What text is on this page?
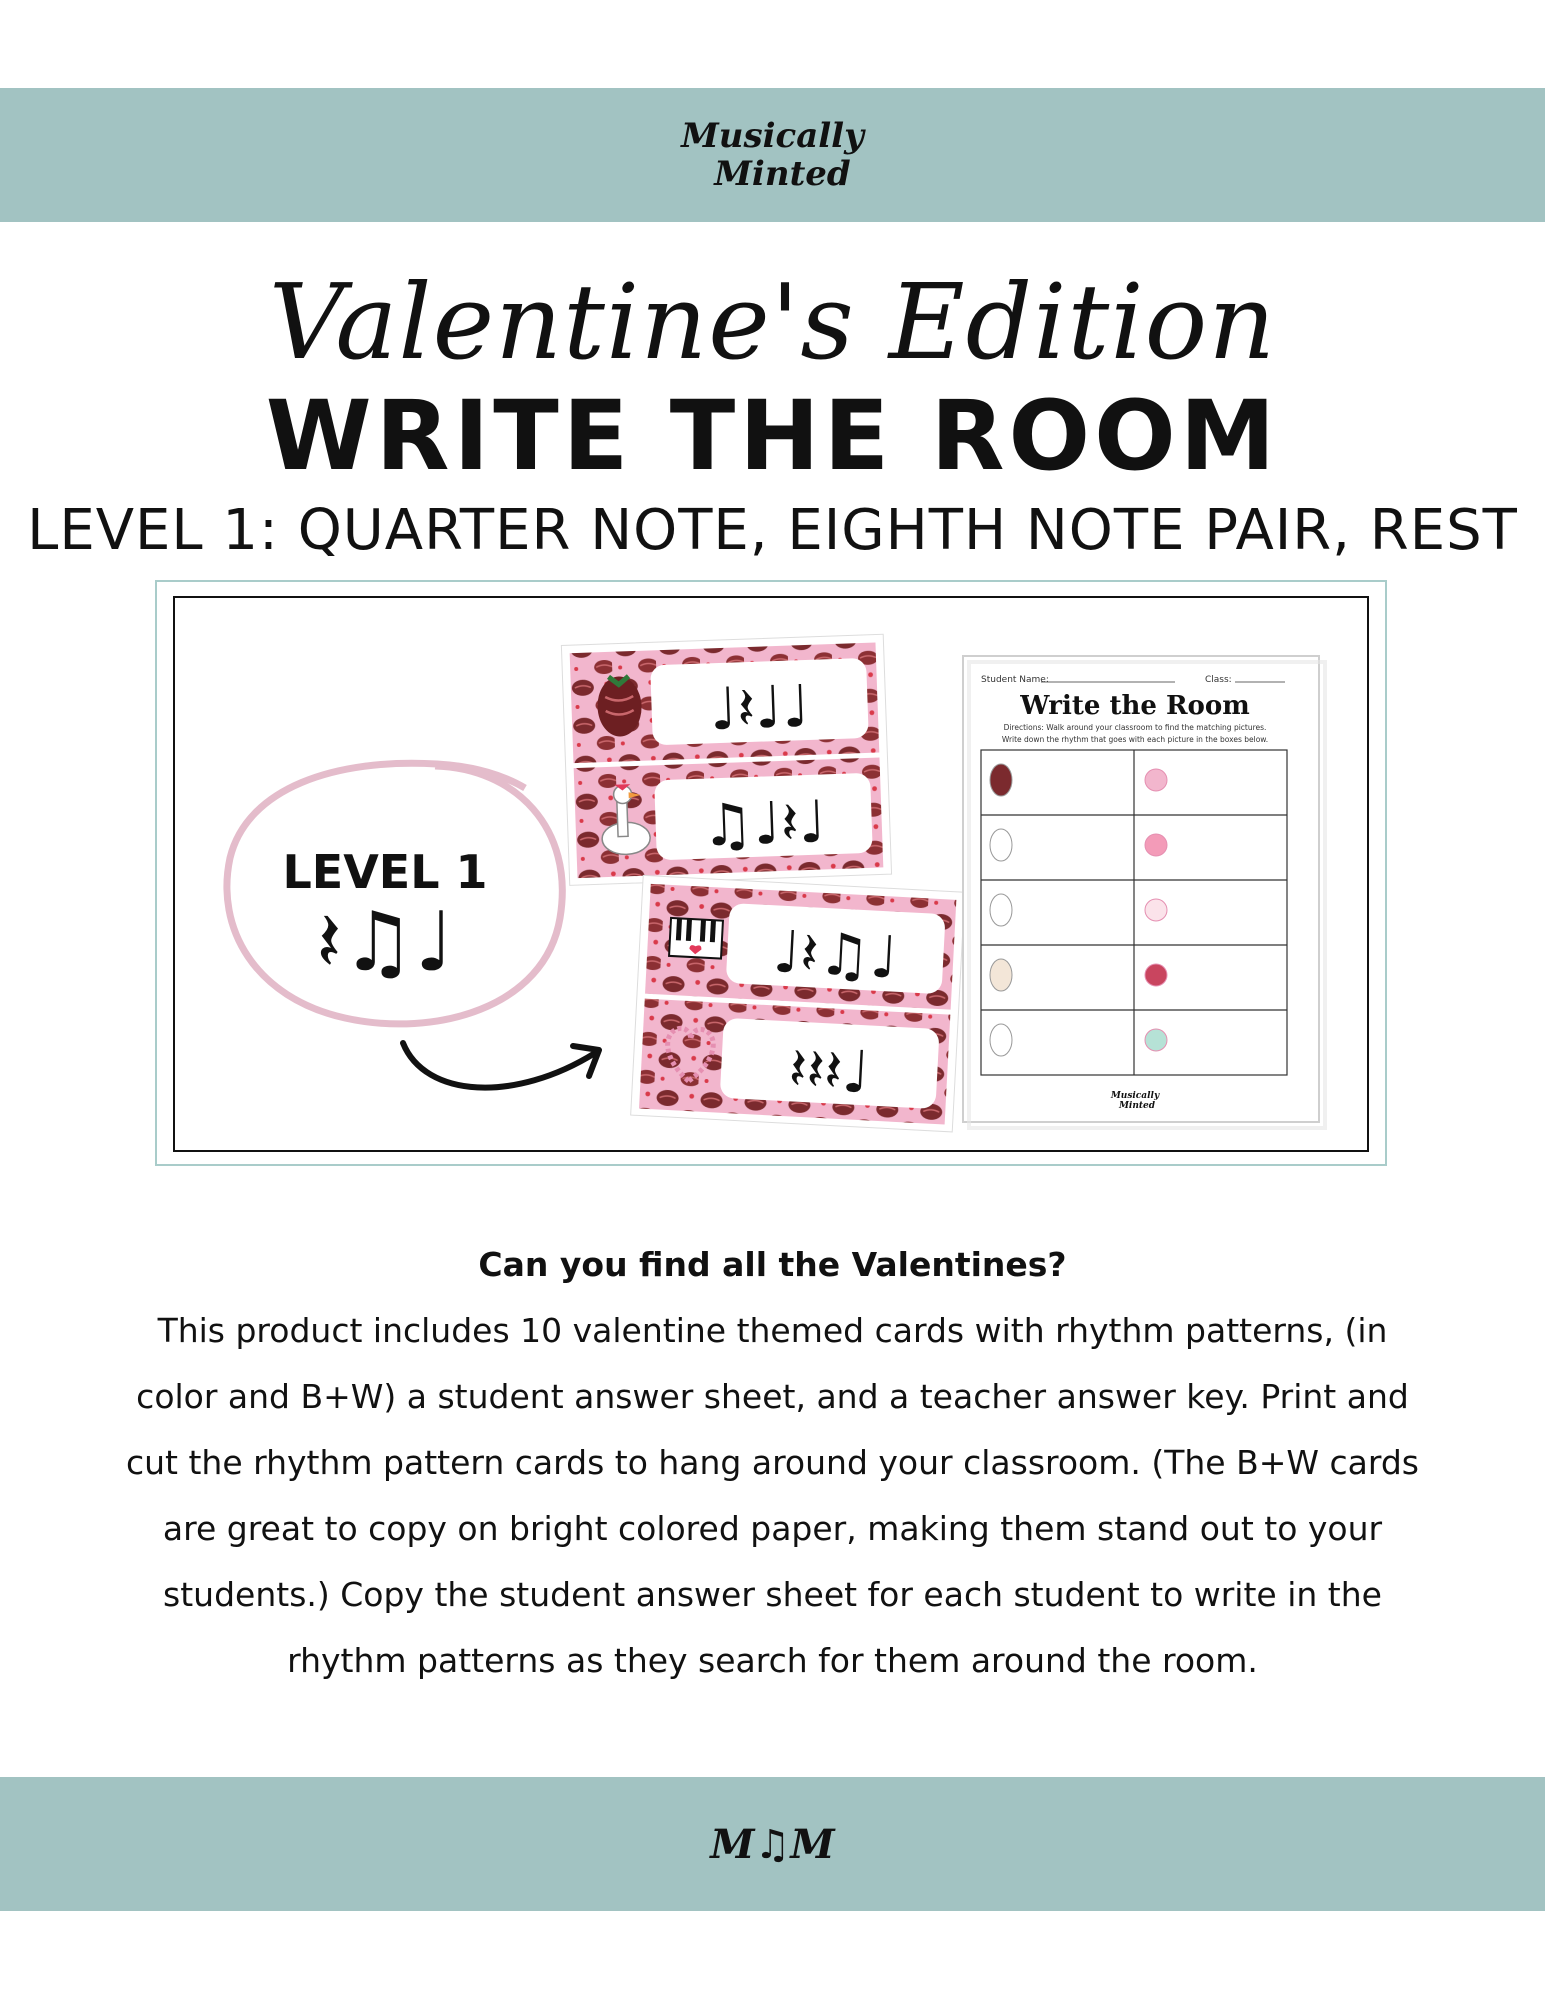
Musically

Minted
Valentine's Edition
WRITE THE ROOM
LEVEL 1: QUARTER NOTE, EIGHTH NOTE PAIR, REST
LEVEL 1
𝄽♫♩
♩𝄽♩♩
♫♩𝄽♩
♩𝄽♫♩
𝄽𝄽𝄽♩
Student Name:	Class:
Write the Room
Directions: Walk around your classroom to find the matching pictures.
Write down the rhythm that goes with each picture in the boxes below.
Musically
Minted

Can you find all the Valentines?

This product includes 10 valentine themed cards with rhythm patterns, (in color and B+W) a student answer sheet, and a teacher answer key. Print and cut the rhythm pattern cards to hang around your classroom. (The B+W cards are great to copy on bright colored paper, making them stand out to your students.) Copy the student answer sheet for each student to write in the rhythm patterns as they search for them around the room.

M♫M
